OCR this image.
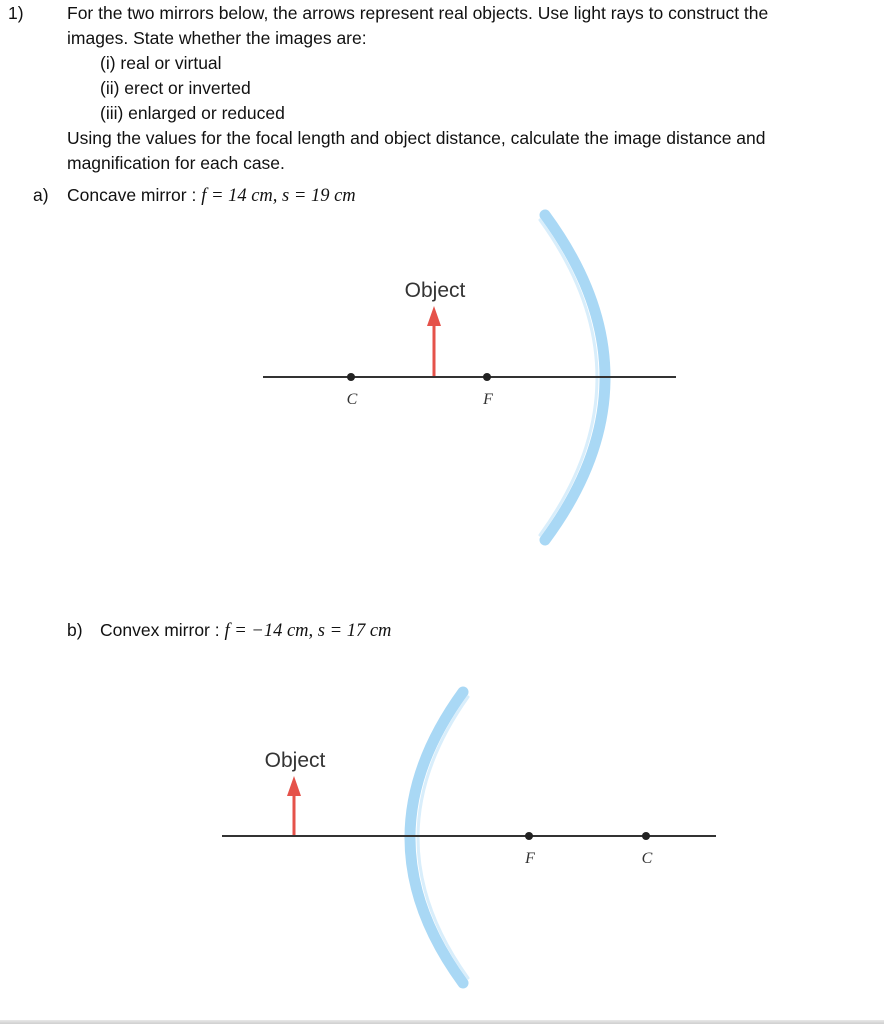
1) For the two mirrors below, the arrows represent real objects. Use light rays to construct the
images. State whether the images are:
(i) real or virtual
(ii) erect or inverted
(iii) enlarged or reduced
Using the values for the focal length and object distance, calculate the image distance and
magnification for each case.
a) Concave mirror : f = 14 cm, s = 19 cm
b) Convex mirror : f = −14 cm, s = 17 cm
Object
C	F
Object
F	C
